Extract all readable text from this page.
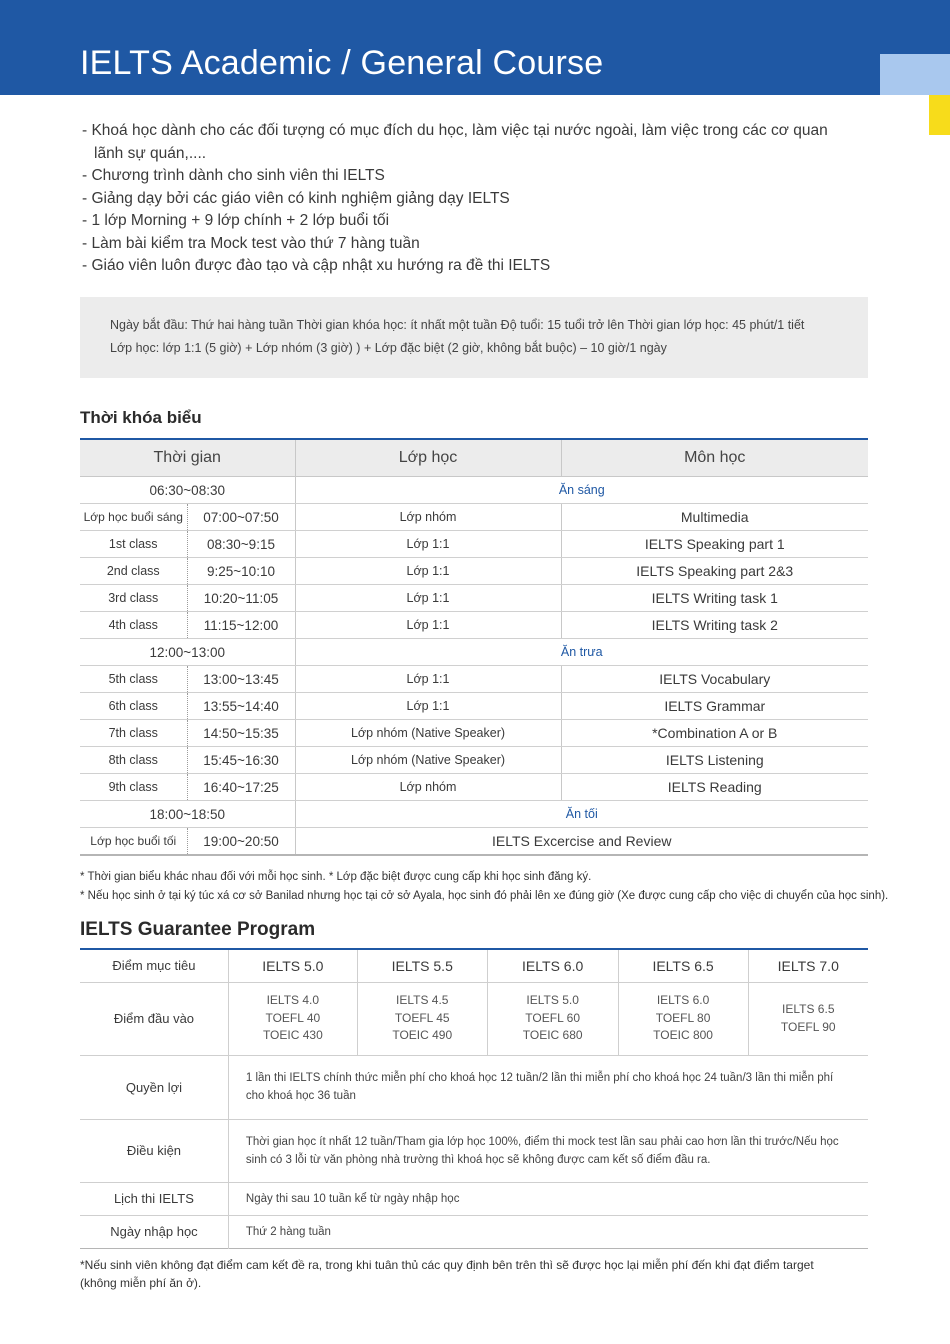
IELTS Academic / General Course
- Khoá học dành cho các đối tượng có mục đích du học, làm việc tại nước ngoài, làm việc trong các cơ quan
lãnh sự quán,....
- Chương trình dành cho sinh viên thi IELTS
- Giảng dạy bởi các giáo viên có kinh nghiệm giảng dạy IELTS
- 1 lớp Morning + 9 lớp chính + 2 lớp buổi tối
- Làm bài kiểm tra Mock test vào thứ 7 hàng tuần
- Giáo viên luôn được đào tạo và cập nhật xu hướng ra đề thi IELTS

Ngày bắt đầu: Thứ hai hàng tuần Thời gian khóa học: ít nhất một tuần Độ tuổi: 15 tuổi trở lên Thời gian lớp học: 45 phút/1 tiết

Lớp học: lớp 1:1 (5 giờ) + Lớp nhóm (3 giờ) ) + Lớp đặc biệt (2 giờ, không bắt buộc) – 10 giờ/1 ngày

Thời khóa biểu
Thời gian		Lớp học	Môn học
06:30~08:30		Ăn sáng	
Lớp học buổi sáng	07:00~07:50	Lớp nhóm	Multimedia
1st class	08:30~9:15	Lớp 1:1	IELTS Speaking part 1
2nd class	9:25~10:10	Lớp 1:1	IELTS Speaking part 2&3
3rd class	10:20~11:05	Lớp 1:1	IELTS Writing task 1
4th class	11:15~12:00	Lớp 1:1	IELTS Writing task 2
12:00~13:00		Ăn trưa	
5th class	13:00~13:45	Lớp 1:1	IELTS Vocabulary
6th class	13:55~14:40	Lớp 1:1	IELTS Grammar
7th class	14:50~15:35	Lớp nhóm (Native Speaker)	*Combination A or B
8th class	15:45~16:30	Lớp nhóm (Native Speaker)	IELTS Listening
9th class	16:40~17:25	Lớp nhóm	IELTS Reading
18:00~18:50		Ăn tối	
Lớp học buổi tối	19:00~20:50	IELTS Excercise and Review	

* Thời gian biểu khác nhau đối với mỗi học sinh. * Lớp đặc biệt được cung cấp khi học sinh đăng ký.

* Nếu học sinh ở tại ký túc xá cơ sở Banilad nhưng học tại cở sở Ayala, học sinh đó phải lên xe đúng giờ (Xe được cung cấp cho việc di chuyển của học sinh).

IELTS Guarantee Program
Điểm mục tiêu	IELTS 5.0	IELTS 5.5	IELTS 6.0	IELTS 6.5	IELTS 7.0
Điểm đầu vào	IELTS 4.0
TOEFL 40
TOEIC 430	IELTS 4.5
TOEFL 45
TOEIC 490	IELTS 5.0
TOEFL 60
TOEIC 680	IELTS 6.0
TOEFL 80
TOEIC 800	IELTS 6.5
TOEFL 90

Quyền lợi	1 lần thi IELTS chính thức miễn phí cho khoá học 12 tuần/2 lần thi miễn phí cho khoá học 24 tuần/3 lần thi miễn phí cho khoá học 36 tuần				
Điều kiện	Thời gian học ít nhất 12 tuần/Tham gia lớp học 100%, điểm thi mock test lần sau phải cao hơn lần thi trước/Nếu học sinh có 3 lỗi từ văn phòng nhà trường thì khoá học sẽ không được cam kết số điểm đầu ra.				
Lịch thi IELTS	Ngày thi sau 10 tuần kể từ ngày nhập học				
Ngày nhập học	Thứ 2 hàng tuần				

*Nếu sinh viên không đạt điểm cam kết đề ra, trong khi tuân thủ các quy định bên trên thì sẽ được học lại miễn phí đến khi đạt điểm target (không miễn phí ăn ở).
